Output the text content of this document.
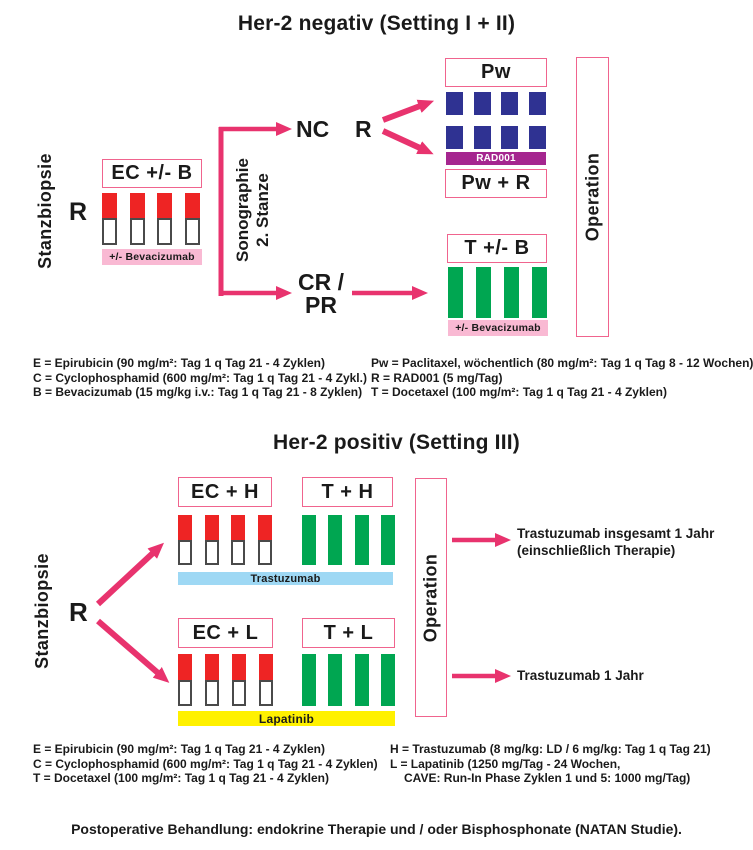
Her-2 negativ (Setting I + II)
Stanzbiopsie R
EC +/- B
+/- Bevacizumab	Sonographie 2. Stanze
NC R
CR /
PR
Pw
RAD001
Pw + R
T +/- B
+/- Bevacizumab
Operation
E = Epirubicin (90 mg/m²: Tag 1 q Tag 21 - 4 Zyklen)
C = Cyclophosphamid (600 mg/m²: Tag 1 q Tag 21 - 4 Zykl.)
B = Bevacizumab (15 mg/kg i.v.: Tag 1 q Tag 21 - 8 Zyklen)
Pw = Paclitaxel, wöchentlich (80 mg/m²: Tag 1 q Tag 8 - 12 Wochen)
R = RAD001 (5 mg/Tag)
T = Docetaxel (100 mg/m²: Tag 1 q Tag 21 - 4 Zyklen)
Her-2 positiv (Setting III)
Stanzbiopsie R
EC + H	T + H
Trastuzumab
EC + L	T + L
Lapatinib
Operation
Trastuzumab insgesamt 1 Jahr
(einschließlich Therapie)
Trastuzumab 1 Jahr
E = Epirubicin (90 mg/m²: Tag 1 q Tag 21 - 4 Zyklen)
C = Cyclophosphamid (600 mg/m²: Tag 1 q Tag 21 - 4 Zyklen)
T = Docetaxel (100 mg/m²: Tag 1 q Tag 21 - 4 Zyklen)
H = Trastuzumab (8 mg/kg: LD / 6 mg/kg: Tag 1 q Tag 21)
L = Lapatinib (1250 mg/Tag - 24 Wochen,
CAVE: Run-In Phase Zyklen 1 und 5: 1000 mg/Tag)
Postoperative Behandlung: endokrine Therapie und / oder Bisphosphonate (NATAN Studie).
